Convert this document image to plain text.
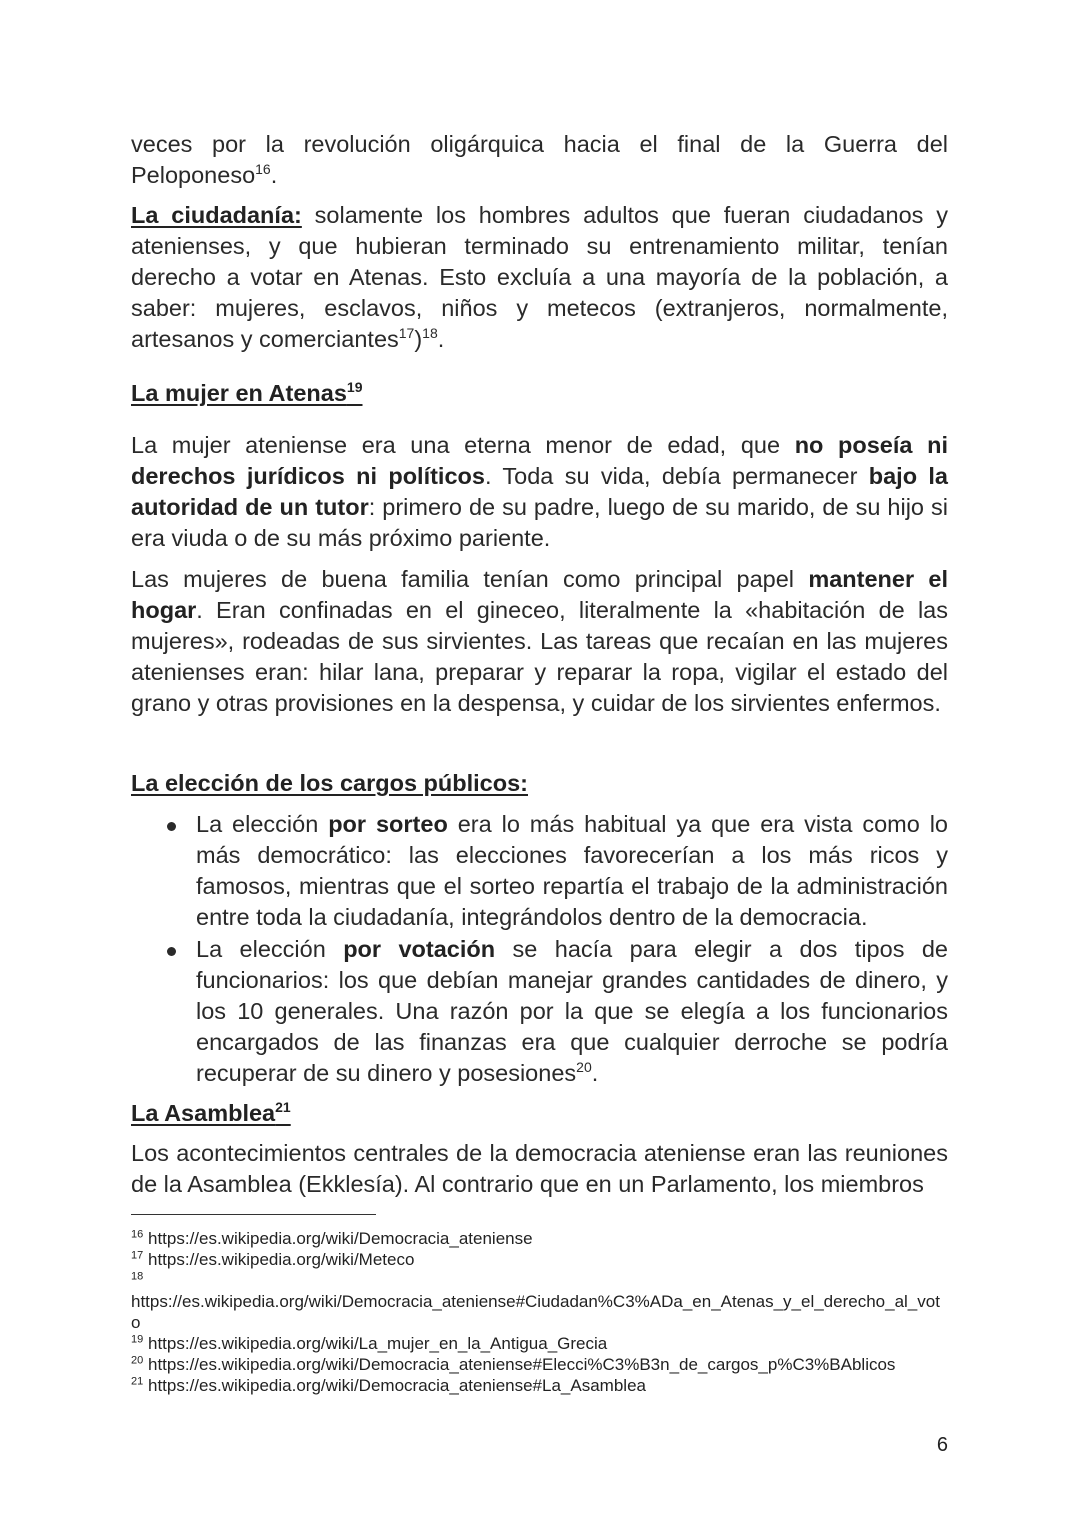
veces por la revolución oligárquica hacia el final de la Guerra del Peloponeso$^{16}$.

La ciudadanía: solamente los hombres adultos que fueran ciudadanos y atenienses, y que hubieran terminado su entrenamiento militar, tenían derecho a votar en Atenas. Esto excluía a una mayoría de la población, a saber: mujeres, esclavos, niños y metecos (extranjeros, normalmente, artesanos y comerciantes$^{17}$)$^{18}$.

La mujer en Atenas$^{19}$

La mujer ateniense era una eterna menor de edad, que no poseía ni derechos jurídicos ni políticos. Toda su vida, debía permanecer bajo la autoridad de un tutor: primero de su padre, luego de su marido, de su hijo si era viuda o de su más próximo pariente.

Las mujeres de buena familia tenían como principal papel mantener el hogar. Eran confinadas en el gineceo, literalmente la «habitación de las mujeres», rodeadas de sus sirvientes. Las tareas que recaían en las mujeres atenienses eran: hilar lana, preparar y reparar la ropa, vigilar el estado del grano y otras provisiones en la despensa, y cuidar de los sirvientes enfermos.

La elección de los cargos públicos:
La elección por sorteo era lo más habitual ya que era vista como lo más democrático: las elecciones favorecerían a los más ricos y famosos, mientras que el sorteo repartía el trabajo de la administración entre toda la ciudadanía, integrándolos dentro de la democracia.
La elección por votación se hacía para elegir a dos tipos de funcionarios: los que debían manejar grandes cantidades de dinero, y los 10 generales. Una razón por la que se elegía a los funcionarios encargados de las finanzas era que cualquier derroche se podría recuperar de su dinero y posesiones$^{20}$.
La Asamblea$^{21}$

Los acontecimientos centrales de la democracia ateniense eran las reuniones de la Asamblea (Ekklesía). Al contrario que en un Parlamento, los miembros

$^{16}$ https://es.wikipedia.org/wiki/Democracia_ateniense
$^{17}$ https://es.wikipedia.org/wiki/Meteco
$^{18}$
https://es.wikipedia.org/wiki/Democracia_ateniense#Ciudadan%C3%ADa_en_Atenas_y_el_derecho_al_voto
$^{19}$ https://es.wikipedia.org/wiki/La_mujer_en_la_Antigua_Grecia
$^{20}$ https://es.wikipedia.org/wiki/Democracia_ateniense#Elecci%C3%B3n_de_cargos_p%C3%BAblicos
$^{21}$ https://es.wikipedia.org/wiki/Democracia_ateniense#La_Asamblea
6
